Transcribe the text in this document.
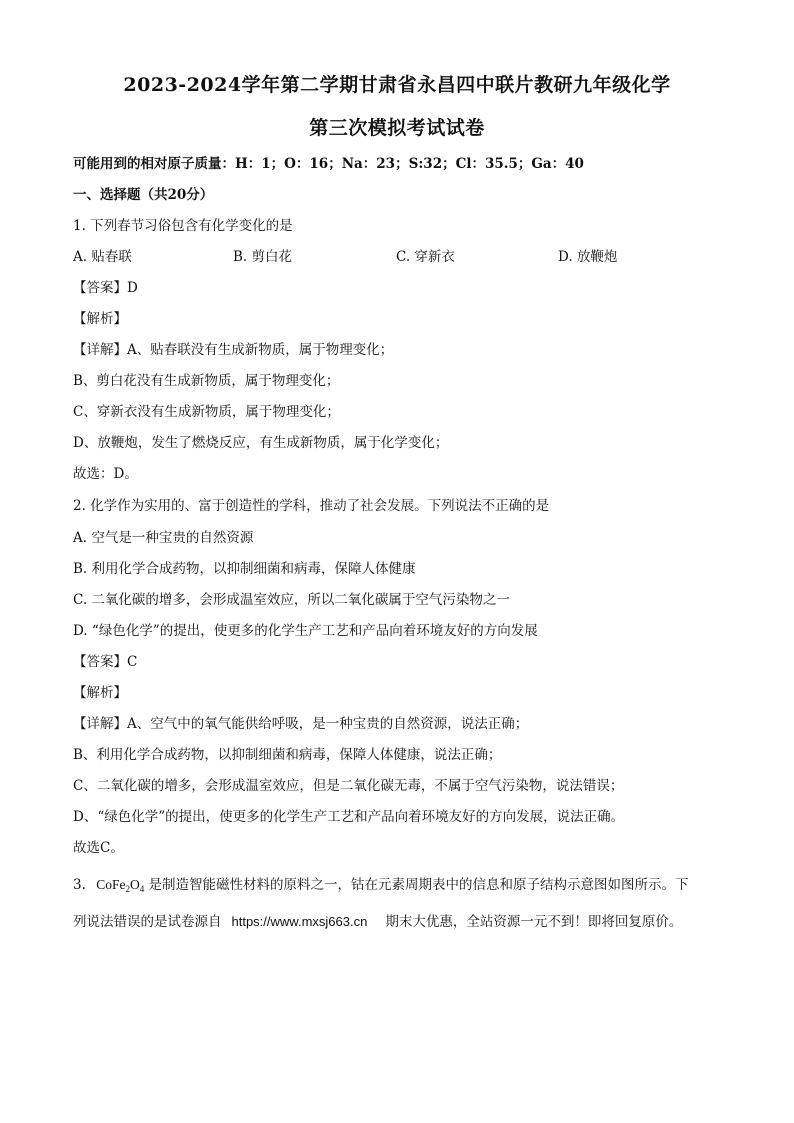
2023-2024学年第二学期甘肃省永昌四中联片教研九年级化学
第三次模拟考试试卷
可能用到的相对原子质量：H：1；O：16；Na：23；S:32；Cl：35.5；Ga：40
一、选择题（共20分）
1. 下列春节习俗包含有化学变化的是
A. 贴春联	B. 剪白花	C. 穿新衣	D. 放鞭炮
【答案】D
【解析】
【详解】A、贴春联没有生成新物质，属于物理变化；
B、剪白花没有生成新物质，属于物理变化；
C、穿新衣没有生成新物质，属于物理变化；
D、放鞭炮，发生了燃烧反应，有生成新物质，属于化学变化；
故选：D。
2. 化学作为实用的、富于创造性的学科，推动了社会发展。下列说法不正确的是
A. 空气是一种宝贵的自然资源
B. 利用化学合成药物，以抑制细菌和病毒，保障人体健康
C. 二氧化碳的增多，会形成温室效应，所以二氧化碳属于空气污染物之一
D. “绿色化学”的提出，使更多的化学生产工艺和产品向着环境友好的方向发展
【答案】C
【解析】
【详解】A、空气中的氧气能供给呼吸，是一种宝贵的自然资源，说法正确；
B、利用化学合成药物，以抑制细菌和病毒，保障人体健康，说法正确；
C、二氧化碳的增多，会形成温室效应，但是二氧化碳无毒，不属于空气污染物，说法错误；
D、“绿色化学”的提出，使更多的化学生产工艺和产品向着环境友好的方向发展，说法正确。
故选C。
3. $CoFe_2O_4$ 是制造智能磁性材料的原料之一，钴在元素周期表中的信息和原子结构示意图如图所示。下
列说法错误的是试卷源自 https://www.mxsj663.cn 期末大优惠，全站资源一元不到！即将回复原价。
